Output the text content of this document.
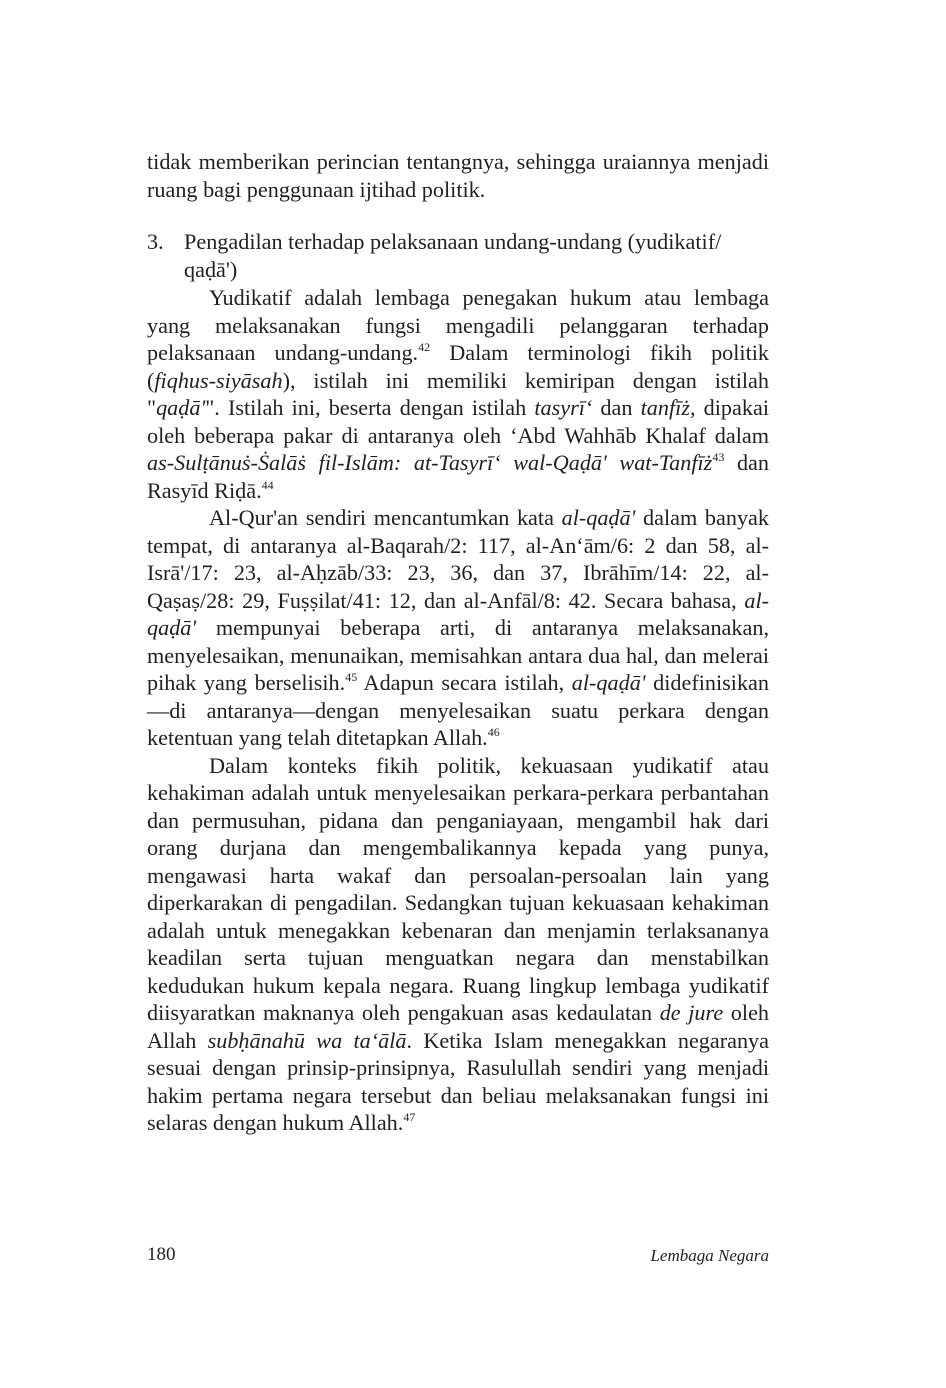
tidak memberikan perincian tentangnya, sehingga uraiannya menjadi ruang bagi penggunaan ijtihad politik.

3. Pengadilan terhadap pelaksanaan undang-undang (yudikatif/ qaḍā')

Yudikatif adalah lembaga penegakan hukum atau lembaga yang melaksanakan fungsi mengadili pelanggaran terhadap pelaksanaan undang-undang.$^{42}$ Dalam terminologi fikih politik (fiqhus-siyāsah), istilah ini memiliki kemiripan dengan istilah "qaḍā'". Istilah ini, beserta dengan istilah tasyrī‘ dan tanfīż, dipakai oleh beberapa pakar di antaranya oleh ‘Abd Wahhāb Khalaf dalam as-Sulṭānuṡ-Ṡalāṡ fil-Islām: at-Tasyrī‘ wal-Qaḍā' wat-Tanfīż$^{43}$ dan Rasyīd Riḍā.$^{44}$

Al-Qur'an sendiri mencantumkan kata al-qaḍā' dalam banyak tempat, di antaranya al-Baqarah/2: 117, al-An‘ām/6: 2 dan 58, al-Isrā'/17: 23, al-Aḥzāb/33: 23, 36, dan 37, Ibrāhīm/14: 22, al-Qaṣaṣ/28: 29, Fuṣṣilat/41: 12, dan al-Anfāl/8: 42. Secara bahasa, al-qaḍā' mempunyai beberapa arti, di antaranya melaksanakan, menyelesaikan, menunaikan, memisahkan antara dua hal, dan melerai pihak yang berselisih.$^{45}$ Adapun secara istilah, al-qaḍā' didefinisikan—di antaranya—dengan menyelesaikan suatu perkara dengan ketentuan yang telah ditetapkan Allah.$^{46}$

Dalam konteks fikih politik, kekuasaan yudikatif atau kehakiman adalah untuk menyelesaikan perkara-perkara perbantahan dan permusuhan, pidana dan penganiayaan, mengambil hak dari orang durjana dan mengembalikannya kepada yang punya, mengawasi harta wakaf dan persoalan-persoalan lain yang diperkarakan di pengadilan. Sedangkan tujuan kekuasaan kehakiman adalah untuk menegakkan kebenaran dan menjamin terlaksananya keadilan serta tujuan menguatkan negara dan menstabilkan kedudukan hukum kepala negara. Ruang lingkup lembaga yudikatif diisyaratkan maknanya oleh pengakuan asas kedaulatan de jure oleh Allah subḥānahū wa ta‘ālā. Ketika Islam menegakkan negaranya sesuai dengan prinsip-prinsipnya, Rasulullah sendiri yang menjadi hakim pertama negara tersebut dan beliau melaksanakan fungsi ini selaras dengan hukum Allah.$^{47}$

180	Lembaga Negara
